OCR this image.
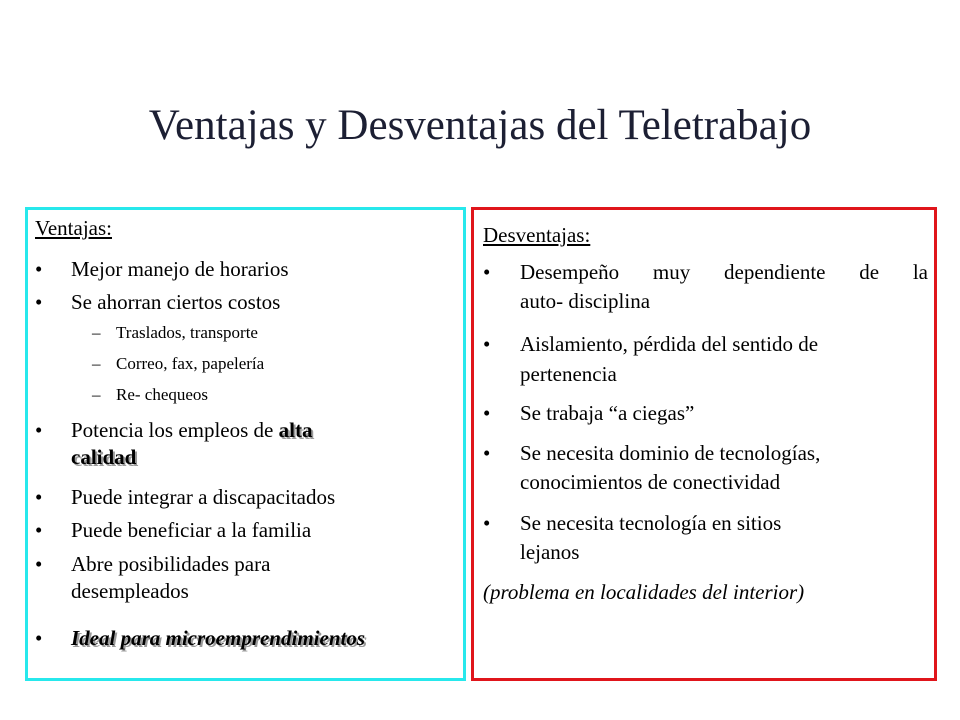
Ventajas y Desventajas del Teletrabajo
Ventajas:
• Mejor manejo de horarios
• Se ahorran ciertos costos
– Traslados, transporte
– Correo, fax, papelería
– Re- chequeos
• Potencia los empleos de alta
calidad
• Puede integrar a discapacitados
• Puede beneficiar a la familia
• Abre posibilidades para
desempleados
• Ideal para microemprendimientos
Desventajas:
• Desempeño muy dependiente de la
auto- disciplina
• Aislamiento, pérdida del sentido de
pertenencia
• Se trabaja “a ciegas”
• Se necesita dominio de tecnologías,
conocimientos de conectividad
• Se necesita tecnología en sitios
lejanos
(problema en localidades del interior)
